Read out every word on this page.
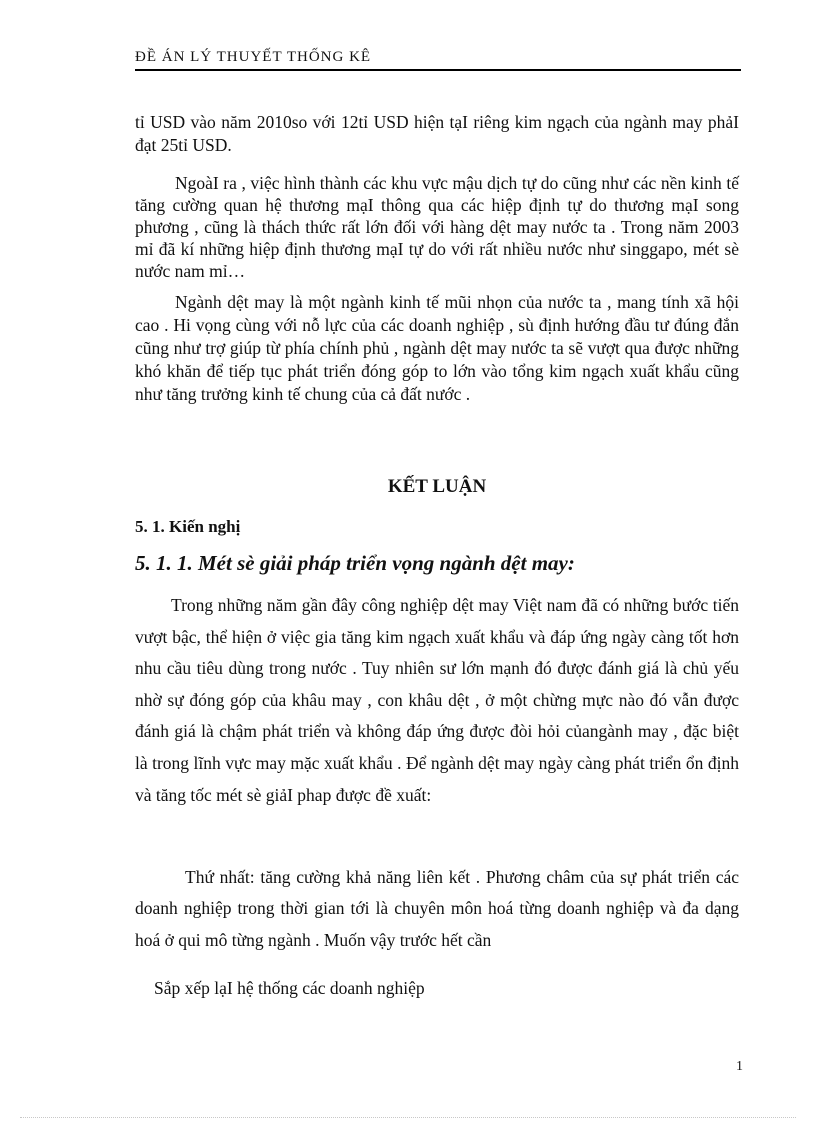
ĐỀ ÁN LÝ THUYẾT THỐNG KÊ

tỉ USD vào năm 2010so với 12tỉ USD hiện tạI riêng kim ngạch của ngành may phảI đạt 25tỉ USD.

NgoàI ra , việc hình thành các khu vực mậu dịch tự do cũng như các nền kinh tế tăng cường quan hệ thương mạI thông qua các hiệp định tự do thương mạI song phương , cũng là thách thức rất lớn đối với hàng dệt may nước ta . Trong năm 2003 mỉ đã kí những hiệp định thương mạI tự do với rất nhiều nước như singgapo, mét sè nước nam mỉ…

Ngành dệt may là một ngành kinh tế mũi nhọn của nước ta , mang tính xã hội cao . Hi vọng cùng với nỗ lực của các doanh nghiệp , sù định hướng đầu tư đúng đắn cũng như trợ giúp từ phía chính phủ , ngành dệt may nước ta sẽ vượt qua được những khó khăn để tiếp tục phát triển đóng góp to lớn vào tổng kim ngạch xuất khẩu cũng như tăng trưởng kinh tế chung của cả đất nước .

KẾT LUẬN
5. 1. Kiến nghị
5. 1. 1. Mét sè giải pháp triển vọng ngành dệt may:

Trong những năm gần đây công nghiệp dệt may Việt nam đã có những bước tiến vượt bậc, thể hiện ở việc gia tăng kim ngạch xuất khẩu và đáp ứng ngày càng tốt hơn nhu cầu tiêu dùng trong nước . Tuy nhiên sư lớn mạnh đó được đánh giá là chủ yếu nhờ sự đóng góp của khâu may , con khâu dệt , ở một chừng mực nào đó vẫn được đánh giá là chậm phát triển và không đáp ứng được đòi hỏi củangành may , đặc biệt là trong lĩnh vực may mặc xuất khẩu . Để ngành dệt may ngày càng phát triển ổn định và tăng tốc mét sè giảI phap được đề xuất:

Thứ nhất: tăng cường khả năng liên kết . Phương châm của sự phát triển các doanh nghiệp trong thời gian tới là chuyên môn hoá từng doanh nghiệp và đa dạng hoá ở qui mô từng ngành . Muốn vậy trước hết cần

Sắp xếp lạI hệ thống các doanh nghiệp

1
